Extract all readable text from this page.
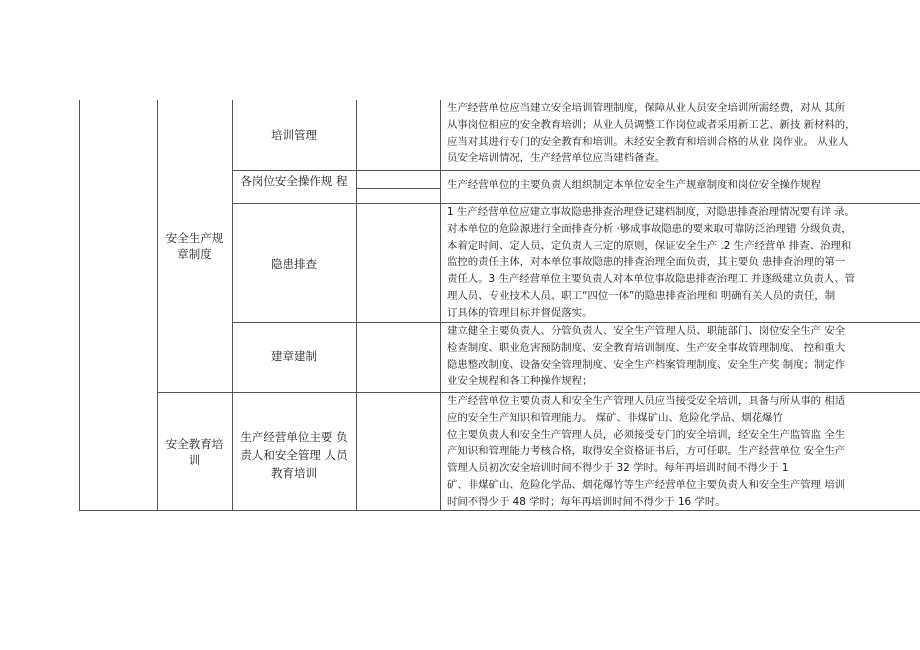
安全生产规
章制度
安全教育培
训
培训管理
各岗位安全操作规 程
隐患排查
建章建制
生产经营单位主要 负
责人和安全管理 人员
教育培训
生产经营单位应当建立安全培训管理制度，保障从业人员安全培训所需经费，对从 其所
从事岗位相应的安全教育培训；从业人员调整工作岗位或者采用新工艺、新技 新材料的，
应当对其进行专门的安全教育和培训。未经安全教育和培训合格的从业 岗作业。 从业人
员安全培训情况，生产经营单位应当建档备查。
生产经营单位的主要负责人组织制定本单位安全生产规章制度和岗位安全操作规程
1 生产经营单位应建立事故隐患排查治理登记建档制度，对隐患排查治理情况要有详 录。
对本单位的危险源进行全面排查分析 ·够成事故隐患的要来取可靠防泛治理错 分级负责，
本着定时间、定人员、定负责人三定的原则，保证安全生产 .2 生产经营单 排查、治理和
监控的责任主体，对本单位事故隐患的排查治理全面负责，其主要负 患排查治理的第一
责任人。3 生产经营单位主要负责人对本单位事故隐患排查治理工 并逐级建立负责人、管
理人员、专业技术人员、职工“四位一体”的隐患排查治理和 明确有关人员的责任，制
订具体的管理目标并督促落实。
建立健全主要负责人、分管负责人、安全生产管理人员、职能部门、岗位安全生产 安全
检查制度、职业危害预防制度、安全教育培训制度、生产安全事故管理制度、 控和重大
隐患整改制度、设备安全管理制度、安全生产档案管理制度、安全生产奖 制度；制定作
业安全规程和各工种操作规程；
生产经营单位主要负责人和安全生产管理人员应当接受安全培训，具备与所从事的 相适
应的安全生产知识和管理能力。 煤矿、非煤矿山、危险化学品、烟花爆竹
位主要负责人和安全生产管理人员，必须接受专门的安全培训，经安全生产监管监 全生
产知识和管理能力考核合格，取得安全资格证书后，方可任职。生产经营单位 安全生产
管理人员初次安全培训时间不得少于 32 学时。每年再培训时间不得少于 1
矿、非煤矿山、危险化学品、烟花爆竹等生产经营单位主要负责人和安全生产管理 培训
时间不得少于 48 学时；每年再培训时间不得少于 16 学时。
